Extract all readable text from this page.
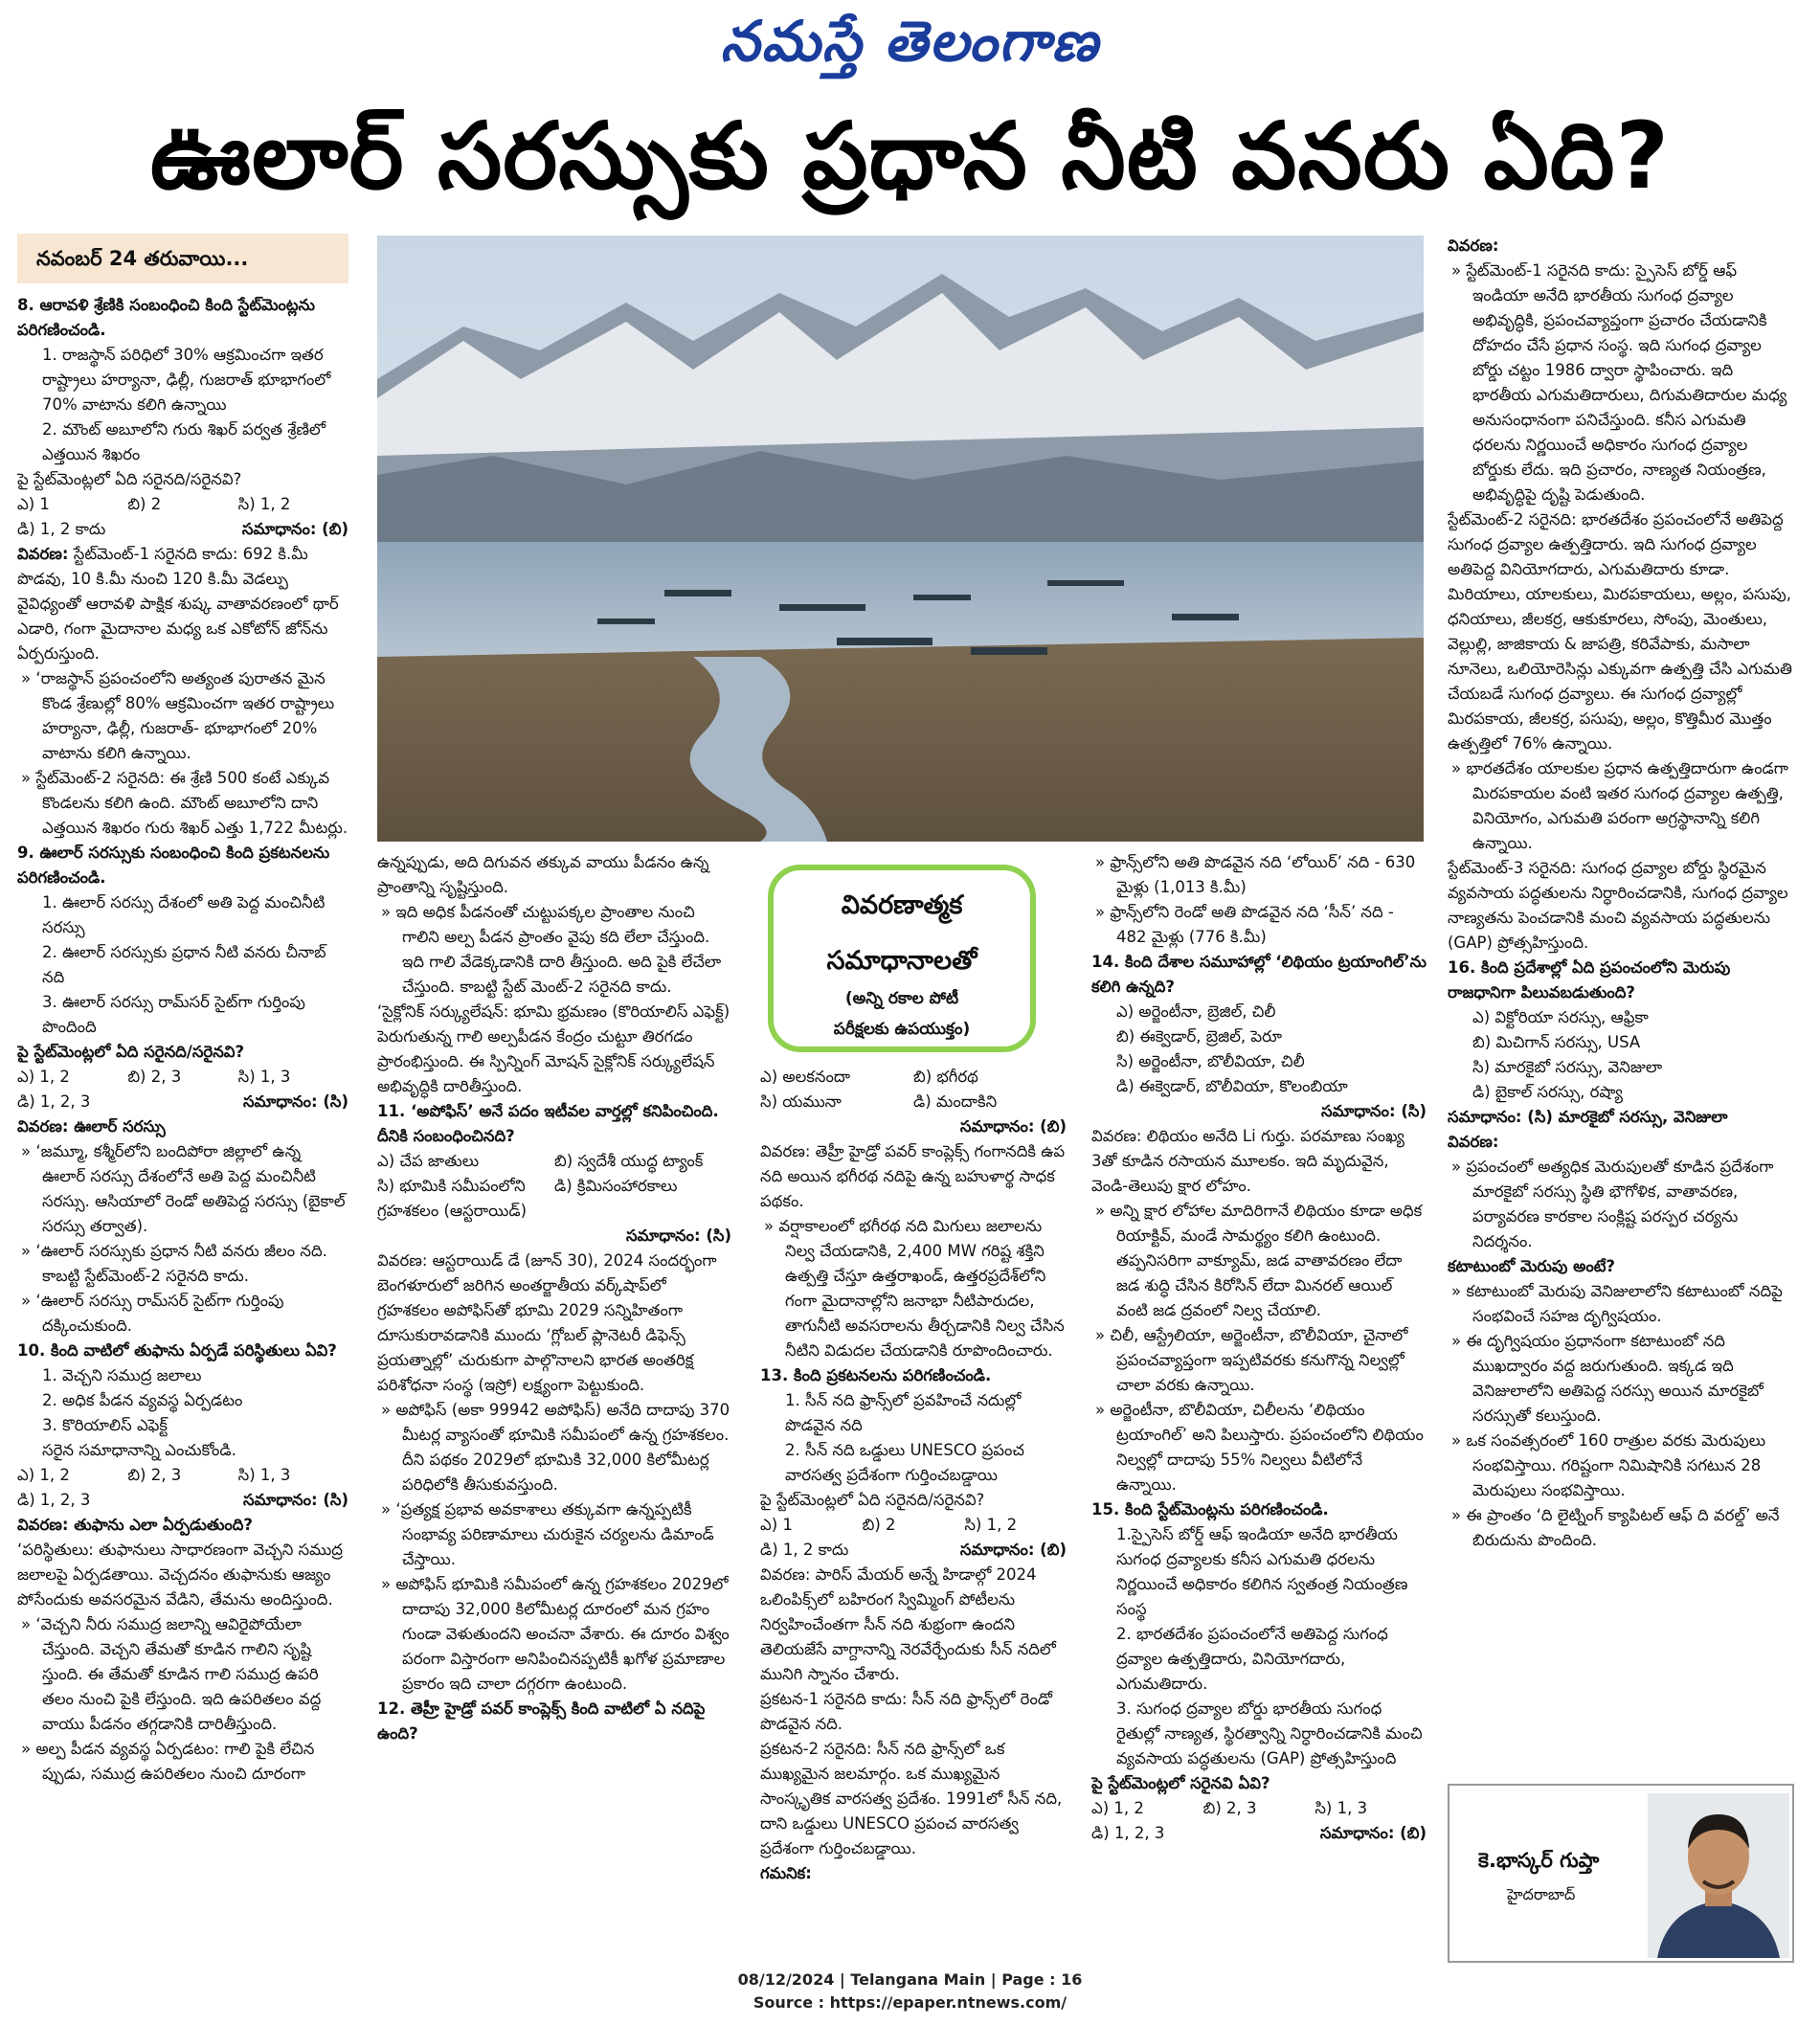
నమస్తే తెలంగాణ
ఊలార్ సరస్సుకు ప్రధాన నీటి వనరు ఏది?
నవంబర్ 24 తరువాయి...

8. ఆరావళి శ్రేణికి సంబంధించి కింది స్టేట్‌మెంట్లను పరిగణించండి.

1. రాజస్థాన్ పరిధిలో 30% ఆక్రమించగా ఇతర రాష్ట్రాలు హర్యానా, ఢిల్లీ, గుజరాత్ భూభాగంలో 70% వాటాను కలిగి ఉన్నాయి

2. మౌంట్ అబూలోని గురు శిఖర్ పర్వత శ్రేణిలో ఎత్తయిన శిఖరం

పై స్టేట్‌మెంట్లలో ఏది సరైనది/సరైనవి?

ఎ) 1	బి) 2	సి) 1, 2
డి) 1, 2 కాదు	సమాధానం: (బి)

వివరణ: స్టేట్‌మెంట్-1 సరైనది కాదు: 692 కి.మీ పొడవు, 10 కి.మీ నుంచి 120 కి.మీ వెడల్పు వైవిధ్యంతో ఆరావళి పాక్షిక శుష్క వాతావరణంలో థార్ ఎడారి, గంగా మైదానాల మధ్య ఒక ఎకోటోన్ జోన్‌ను ఏర్పరుస్తుంది.

» ‘రాజస్థాన్ ప్రపంచంలోని అత్యంత పురాతన మైన కొండ శ్రేణుల్లో 80% ఆక్రమించగా ఇతర రాష్ట్రాలు హర్యానా, ఢిల్లీ, గుజరాత్- భూభాగంలో 20% వాటాను కలిగి ఉన్నాయి.

» స్టేట్‌మెంట్-2 సరైనది: ఈ శ్రేణి 500 కంటే ఎక్కువ కొండలను కలిగి ఉంది. మౌంట్ అబూలోని దాని ఎత్తయిన శిఖరం గురు శిఖర్ ఎత్తు 1,722 మీటర్లు.

9. ఊలార్ సరస్సుకు సంబంధించి కింది ప్రకటనలను పరిగణించండి.

1. ఊలార్ సరస్సు దేశంలో అతి పెద్ద మంచినీటి సరస్సు

2. ఊలార్ సరస్సుకు ప్రధాన నీటి వనరు చీనాబ్ నది

3. ఊలార్ సరస్సు రామ్‌సర్ సైట్‌గా గుర్తింపు పొందింది

పై స్టేట్‌మెంట్లలో ఏది సరైనది/సరైనవి?

ఎ) 1, 2	బి) 2, 3	సి) 1, 3
డి) 1, 2, 3	సమాధానం: (సి)

వివరణ: ఊలార్ సరస్సు

» ‘జమ్మూ, కశ్మీర్‌లోని బందిపోరా జిల్లాలో ఉన్న ఊలార్ సరస్సు దేశంలోనే అతి పెద్ద మంచినీటి సరస్సు. ఆసియాలో రెండో అతిపెద్ద సరస్సు (బైకాల్ సరస్సు తర్వాత).

» ‘ఊలార్ సరస్సుకు ప్రధాన నీటి వనరు జీలం నది. కాబట్టి స్టేట్‌మెంట్-2 సరైనది కాదు.

» ‘ఊలార్ సరస్సు రామ్‌సర్ సైట్‌గా గుర్తింపు దక్కించుకుంది.

10. కింది వాటిలో తుఫాను ఏర్పడే పరిస్థితులు ఏవి?

1. వెచ్చని సముద్ర జలాలు

2. అధిక పీడన వ్యవస్థ ఏర్పడటం

3. కొరియాలిస్ ఎఫెక్ట్

సరైన సమాధానాన్ని ఎంచుకోండి.

ఎ) 1, 2	బి) 2, 3	సి) 1, 3
డి) 1, 2, 3	సమాధానం: (సి)

వివరణ: తుఫాను ఎలా ఏర్పడుతుంది?

‘పరిస్థితులు: తుఫానులు సాధారణంగా వెచ్చని సముద్ర జలాలపై ఏర్పడతాయి. వెచ్చదనం తుఫానుకు ఆజ్యం పోసేందుకు అవసరమైన వేడిని, తేమను అందిస్తుంది.

» ‘వెచ్చని నీరు సముద్ర జలాన్ని ఆవిరైపోయేలా చేస్తుంది. వెచ్చని తేమతో కూడిన గాలిని సృష్టి స్తుంది. ఈ తేమతో కూడిన గాలి సముద్ర ఉపరి తలం నుంచి పైకి లేస్తుంది. ఇది ఉపరితలం వద్ద వాయు పీడనం తగ్గడానికి దారితీస్తుంది.

» అల్ప పీడన వ్యవస్థ ఏర్పడటం: గాలి పైకి లేచిన ప్పుడు, సముద్ర ఉపరితలం నుంచి దూరంగా

ఉన్నప్పుడు, అది దిగువన తక్కువ వాయు పీడనం ఉన్న ప్రాంతాన్ని సృష్టిస్తుంది.

» ఇది అధిక పీడనంతో చుట్టుపక్కల ప్రాంతాల నుంచి గాలిని అల్ప పీడన ప్రాంతం వైపు కది లేలా చేస్తుంది. ఇది గాలి వేడెక్కడానికి దారి తీస్తుంది. అది పైకి లేచేలా చేస్తుంది. కాబట్టి స్టేట్ మెంట్-2 సరైనది కాదు.

‘సైక్లోనిక్ సర్క్యులేషన్: భూమి భ్రమణం (కొరియాలిస్ ఎఫెక్ట్) పెరుగుతున్న గాలి అల్పపీడన కేంద్రం చుట్టూ తిరగడం ప్రారంభిస్తుంది. ఈ స్పిన్నింగ్ మోషన్ సైక్లోనిక్ సర్క్యులేషన్ అభివృద్ధికి దారితీస్తుంది.

11. ‘అపోఫిస్’ అనే పదం ఇటీవల వార్తల్లో కనిపించింది. దీనికి సంబంధించినది?

ఎ) చేప జాతులు	బి) స్వదేశీ యుద్ధ ట్యాంక్
సి) భూమికి సమీపంలోని గ్రహశకలం (ఆస్టరాయిడ్)
డి) క్రిమిసంహారకాలు

సమాధానం: (సి)

వివరణ: ఆస్టరాయిడ్ డే (జూన్ 30), 2024 సందర్భంగా బెంగళూరులో జరిగిన అంతర్జాతీయ వర్క్‌షాప్‌లో గ్రహశకలం అపోఫిస్‌తో భూమి 2029 సన్నిహితంగా దూసుకురావడానికి ముందు ‘గ్లోబల్ ప్లానెటరీ డిఫెన్స్ ప్రయత్నాల్లో’ చురుకుగా పాల్గొనాలని భారత అంతరిక్ష పరిశోధనా సంస్థ (ఇస్రో) లక్ష్యంగా పెట్టుకుంది.

» అపోఫిస్ (అకా 99942 అపోఫిస్) అనేది దాదాపు 370 మీటర్ల వ్యాసంతో భూమికి సమీపంలో ఉన్న గ్రహశకలం. దీని పథకం 2029లో భూమికి 32,000 కిలోమీటర్ల పరిధిలోకి తీసుకువస్తుంది.

» ‘ప్రత్యక్ష ప్రభావ అవకాశాలు తక్కువగా ఉన్నప్పటికీ సంభావ్య పరిణామాలు చురుకైన చర్యలను డిమాండ్ చేస్తాయి.

» అపోఫిస్ భూమికి సమీపంలో ఉన్న గ్రహశకలం 2029లో దాదాపు 32,000 కిలోమీటర్ల దూరంలో మన గ్రహం గుండా వెళుతుందని అంచనా వేశారు. ఈ దూరం విశ్వం పరంగా విస్తారంగా అనిపించినప్పటికీ ఖగోళ ప్రమాణాల ప్రకారం ఇది చాలా దగ్గరగా ఉంటుంది.

12. తెహ్రీ హైడ్రో పవర్ కాంప్లెక్స్ కింది వాటిలో ఏ నదిపై ఉంది?

వివరణాత్మక
సమాధానాలతో
(అన్ని రకాల పోటీ
పరీక్షలకు ఉపయుక్తం)
ఎ) అలకనందా	బి) భగీరథ
సి) యమునా	డి) మందాకిని

సమాధానం: (బి)

వివరణ: తెహ్రీ హైడ్రో పవర్ కాంప్లెక్స్ గంగానదికి ఉప నది అయిన భగీరథ నదిపై ఉన్న బహుళార్థ సాధక పథకం.

» వర్షాకాలంలో భగీరథ నది మిగులు జలాలను నిల్వ చేయడానికి, 2,400 MW గరిష్ట శక్తిని ఉత్పత్తి చేస్తూ ఉత్తరాఖండ్, ఉత్తరప్రదేశ్‌లోని గంగా మైదానాల్లోని జనాభా నీటిపారుదల, తాగునీటి అవసరాలను తీర్చడానికి నిల్వ చేసిన నీటిని విడుదల చేయడానికి రూపొందించారు.

13. కింది ప్రకటనలను పరిగణించండి.

1. సీన్ నది ఫ్రాన్స్‌లో ప్రవహించే నదుల్లో పొడవైన నది

2. సీన్ నది ఒడ్డులు UNESCO ప్రపంచ వారసత్వ ప్రదేశంగా గుర్తించబడ్డాయి

పై స్టేట్‌మెంట్లలో ఏది సరైనది/సరైనవి?

ఎ) 1	బి) 2	సి) 1, 2
డి) 1, 2 కాదు	సమాధానం: (బి)

వివరణ: పారిస్ మేయర్ అన్నే హిడాల్గో 2024 ఒలింపిక్స్‌లో బహిరంగ స్విమ్మింగ్ పోటీలను నిర్వహించేంతగా సీన్ నది శుభ్రంగా ఉందని తెలియజేసే వాగ్దానాన్ని నెరవేర్చేందుకు సీన్ నదిలో మునిగి స్నానం చేశారు.

ప్రకటన-1 సరైనది కాదు: సీన్ నది ఫ్రాన్స్‌లో రెండో పొడవైన నది.

ప్రకటన-2 సరైనది: సీన్ నది ఫ్రాన్స్‌లో ఒక ముఖ్యమైన జలమార్గం. ఒక ముఖ్యమైన సాంస్కృతిక వారసత్వ ప్రదేశం. 1991లో సీన్ నది, దాని ఒడ్డులు UNESCO ప్రపంచ వారసత్వ ప్రదేశంగా గుర్తించబడ్డాయి.

గమనిక:

» ఫ్రాన్స్‌లోని అతి పొడవైన నది ‘లోయిర్’ నది - 630 మైళ్లు (1,013 కి.మీ)

» ఫ్రాన్స్‌లోని రెండో అతి పొడవైన నది ‘సీన్’ నది - 482 మైళ్లు (776 కి.మీ)

14. కింది దేశాల సమూహాల్లో ‘లిథియం ట్రయాంగిల్’ను కలిగి ఉన్నది?

ఎ) అర్జెంటీనా, బ్రెజిల్, చిలీ

బి) ఈక్వెడార్, బ్రెజిల్, పెరూ

సి) అర్జెంటీనా, బొలీవియా, చిలీ

డి) ఈక్వెడార్, బొలీవియా, కొలంబియా

సమాధానం: (సి)

వివరణ: లిథియం అనేది Li గుర్తు. పరమాణు సంఖ్య 3తో కూడిన రసాయన మూలకం. ఇది మృదువైన, వెండి-తెలుపు క్షార లోహం.

» అన్ని క్షార లోహాల మాదిరిగానే లిథియం కూడా అధిక రియాక్టివ్, మండే సామర్థ్యం కలిగి ఉంటుంది. తప్పనిసరిగా వాక్యూమ్, జడ వాతావరణం లేదా జడ శుద్ధి చేసిన కిరోసిన్ లేదా మినరల్ ఆయిల్ వంటి జడ ద్రవంలో నిల్వ చేయాలి.

» చిలీ, ఆస్ట్రేలియా, అర్జెంటీనా, బొలీవియా, చైనాలో ప్రపంచవ్యాప్తంగా ఇప్పటివరకు కనుగొన్న నిల్వల్లో చాలా వరకు ఉన్నాయి.

» అర్జెంటీనా, బొలీవియా, చిలీలను ‘లిథియం ట్రయాంగిల్’ అని పిలుస్తారు. ప్రపంచంలోని లిథియం నిల్వల్లో దాదాపు 55% నిల్వలు వీటిలోనే ఉన్నాయి.

15. కింది స్టేట్‌మెంట్లను పరిగణించండి.

1.స్పైసెస్ బోర్డ్ ఆఫ్ ఇండియా అనేది భారతీయ సుగంధ ద్రవ్యాలకు కనీస ఎగుమతి ధరలను నిర్ణయించే అధికారం కలిగిన స్వతంత్ర నియంత్రణ సంస్థ

2. భారతదేశం ప్రపంచంలోనే అతిపెద్ద సుగంధ ద్రవ్యాల ఉత్పత్తిదారు, వినియోగదారు, ఎగుమతిదారు.

3. సుగంధ ద్రవ్యాల బోర్డు భారతీయ సుగంధ రైతుల్లో నాణ్యత, స్థిరత్వాన్ని నిర్ధారించడానికి మంచి వ్యవసాయ పద్ధతులను (GAP) ప్రోత్సహిస్తుంది

పై స్టేట్‌మెంట్లలో సరైనవి ఏవి?

ఎ) 1, 2	బి) 2, 3	సి) 1, 3
డి) 1, 2, 3	సమాధానం: (బి)

వివరణ:

» స్టేట్‌మెంట్-1 సరైనది కాదు: స్పైసెస్ బోర్డ్ ఆఫ్ ఇండియా అనేది భారతీయ సుగంధ ద్రవ్యాల అభివృద్ధికి, ప్రపంచవ్యాప్తంగా ప్రచారం చేయడానికి దోహదం చేసే ప్రధాన సంస్థ. ఇది సుగంధ ద్రవ్యాల బోర్డు చట్టం 1986 ద్వారా స్థాపించారు. ఇది భారతీయ ఎగుమతిదారులు, దిగుమతిదారుల మధ్య అనుసంధానంగా పనిచేస్తుంది. కనీస ఎగుమతి ధరలను నిర్ణయించే అధికారం సుగంధ ద్రవ్యాల బోర్డుకు లేదు. ఇది ప్రచారం, నాణ్యత నియంత్రణ, అభివృద్ధిపై దృష్టి పెడుతుంది.

స్టేట్‌మెంట్-2 సరైనది: భారతదేశం ప్రపంచంలోనే అతిపెద్ద సుగంధ ద్రవ్యాల ఉత్పత్తిదారు. ఇది సుగంధ ద్రవ్యాల అతిపెద్ద వినియోగదారు, ఎగుమతిదారు కూడా. మిరియాలు, యాలకులు, మిరపకాయలు, అల్లం, పసుపు, ధనియాలు, జీలకర్ర, ఆకుకూరలు, సోంపు, మెంతులు, వెల్లుల్లి, జాజికాయ & జాపత్రి, కరివేపాకు, మసాలా నూనెలు, ఒలియోరెసిన్లు ఎక్కువగా ఉత్పత్తి చేసి ఎగుమతి చేయబడే సుగంధ ద్రవ్యాలు. ఈ సుగంధ ద్రవ్యాల్లో మిరపకాయ, జీలకర్ర, పసుపు, అల్లం, కొత్తిమీర మొత్తం ఉత్పత్తిలో 76% ఉన్నాయి.

» భారతదేశం యాలకుల ప్రధాన ఉత్పత్తిదారుగా ఉండగా మిరపకాయల వంటి ఇతర సుగంధ ద్రవ్యాల ఉత్పత్తి, వినియోగం, ఎగుమతి పరంగా అగ్రస్థానాన్ని కలిగి ఉన్నాయి.

స్టేట్‌మెంట్-3 సరైనది: సుగంధ ద్రవ్యాల బోర్డు స్థిరమైన వ్యవసాయ పద్ధతులను నిర్ధారించడానికి, సుగంధ ద్రవ్యాల నాణ్యతను పెంచడానికి మంచి వ్యవసాయ పద్ధతులను (GAP) ప్రోత్సహిస్తుంది.

16. కింది ప్రదేశాల్లో ఏది ప్రపంచంలోని మెరుపు రాజధానిగా పిలువబడుతుంది?

ఎ) విక్టోరియా సరస్సు, ఆఫ్రికా

బి) మిచిగాన్ సరస్సు, USA

సి) మారకైబో సరస్సు, వెనిజులా

డి) బైకాల్ సరస్సు, రష్యా

సమాధానం: (సి) మారకైబో సరస్సు, వెనిజులా

వివరణ:

» ప్రపంచంలో అత్యధిక మెరుపులతో కూడిన ప్రదేశంగా మారకైబో సరస్సు స్థితి భౌగోళిక, వాతావరణ, పర్యావరణ కారకాల సంక్లిష్ట పరస్పర చర్యను నిదర్శనం.

కటాటుంబో మెరుపు అంటే?

» కటాటుంబో మెరుపు వెనిజులాలోని కటాటుంబో నదిపై సంభవించే సహజ దృగ్విషయం.

» ఈ దృగ్విషయం ప్రధానంగా కటాటుంబో నది ముఖద్వారం వద్ద జరుగుతుంది. ఇక్కడ ఇది వెనిజులాలోని అతిపెద్ద సరస్సు అయిన మారకైబో సరస్సుతో కలుస్తుంది.

» ఒక సంవత్సరంలో 160 రాత్రుల వరకు మెరుపులు సంభవిస్తాయి. గరిష్టంగా నిమిషానికి సగటున 28 మెరుపులు సంభవిస్తాయి.

» ఈ ప్రాంతం ‘ది లైట్నింగ్ క్యాపిటల్ ఆఫ్ ది వరల్డ్’ అనే బిరుదును పొందింది.

కె.భాస్కర్ గుప్తా
హైదరాబాద్
08/12/2024 | Telangana Main | Page : 16
Source : https://epaper.ntnews.com/
